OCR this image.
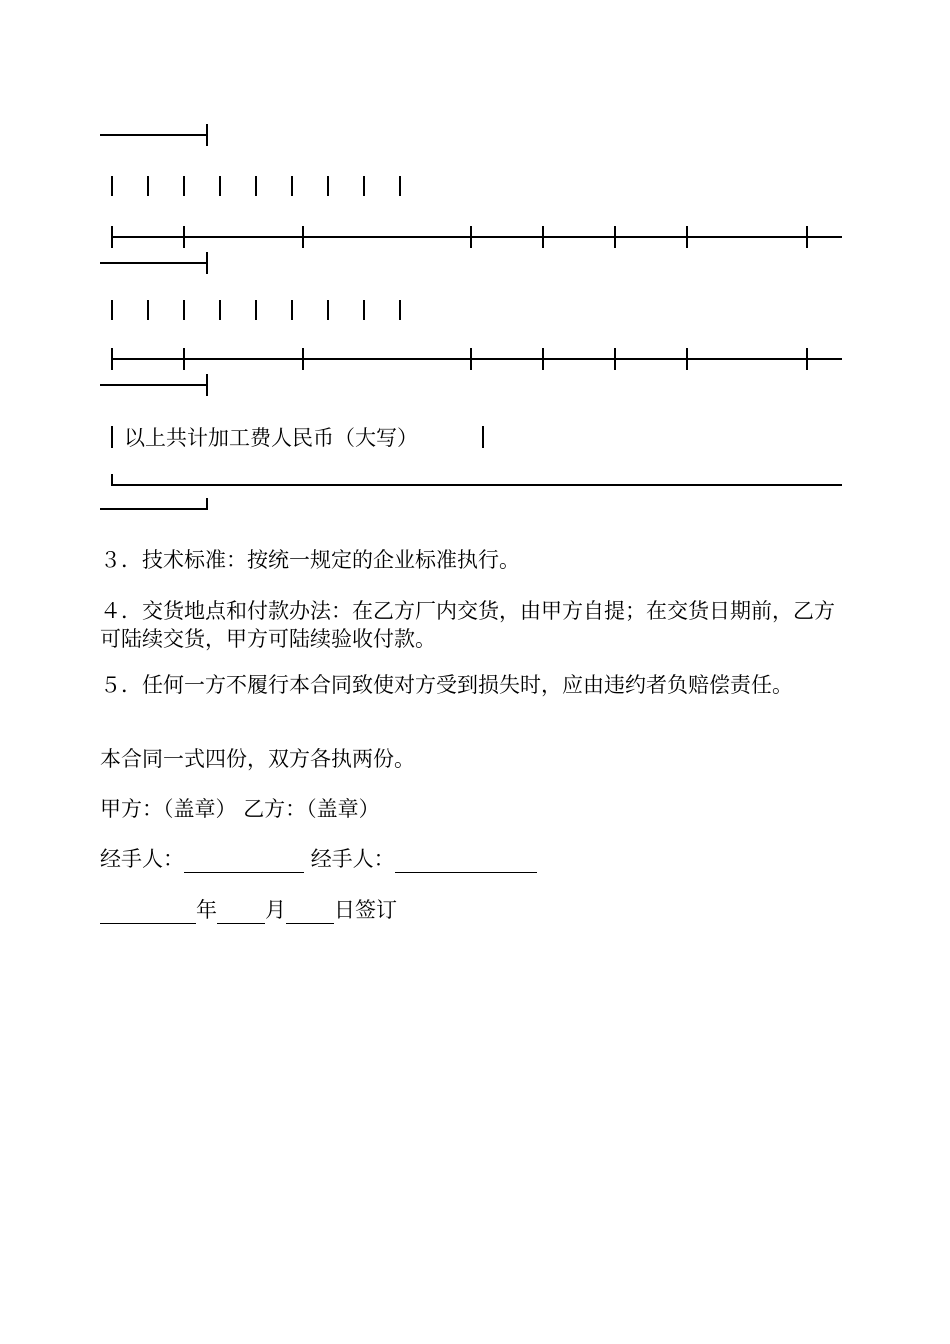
以上共计加工费人民币（大写）

３．技术标准：按统一规定的企业标准执行。

４．交货地点和付款办法：在乙方厂内交货，由甲方自提；在交货日期前，乙方可陆续交货，甲方可陆续验收付款。

５．任何一方不履行本合同致使对方受到损失时，应由违约者负赔偿责任。

本合同一式四份，双方各执两份。

甲方：（盖章） 乙方：（盖章）

经手人：	经手人：

年 月 日签订
